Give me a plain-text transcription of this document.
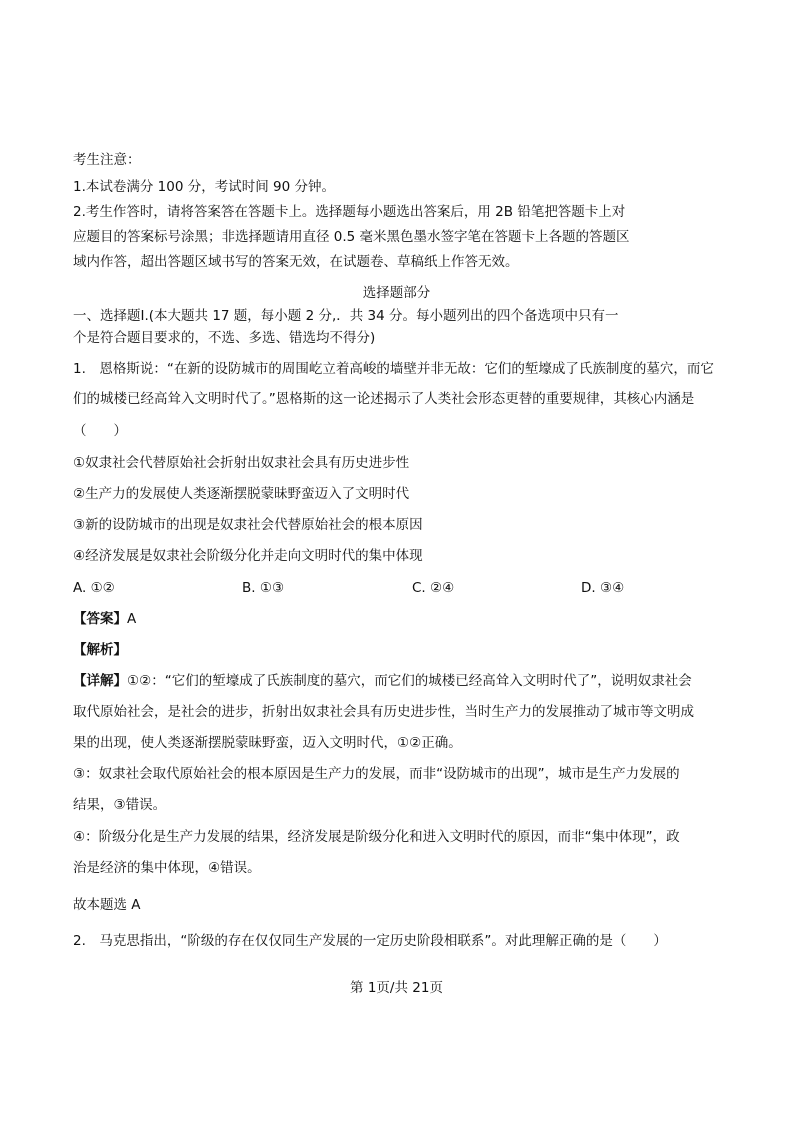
考生注意：
1.本试卷满分 100 分，考试时间 90 分钟。
2.考生作答时，请将答案答在答题卡上。选择题每小题选出答案后，用 2B 铅笔把答题卡上对
应题目的答案标号涂黑；非选择题请用直径 0.5 毫米黑色墨水签字笔在答题卡上各题的答题区
域内作答，超出答题区域书写的答案无效，在试题卷、草稿纸上作答无效。
选择题部分
一、选择题Ⅰ.(本大题共 17 题，每小题 2 分,．共 34 分。每小题列出的四个备选项中只有一
个是符合题目要求的，不选、多选、错选均不得分)
1.　恩格斯说：“在新的设防城市的周围屹立着高峻的墙壁并非无故：它们的堑壕成了氏族制度的墓穴，而它
们的城楼已经高耸入文明时代了。”恩格斯的这一论述揭示了人类社会形态更替的重要规律，其核心内涵是
（　　）
①奴隶社会代替原始社会折射出奴隶社会具有历史进步性
②生产力的发展使人类逐渐摆脱蒙昧野蛮迈入了文明时代
③新的设防城市的出现是奴隶社会代替原始社会的根本原因
④经济发展是奴隶社会阶级分化并走向文明时代的集中体现
A. ①②	B. ①③	C. ②④	D. ③④
【答案】A
【解析】
【详解】①②：“它们的堑壕成了氏族制度的墓穴，而它们的城楼已经高耸入文明时代了”，说明奴隶社会
取代原始社会，是社会的进步，折射出奴隶社会具有历史进步性，当时生产力的发展推动了城市等文明成
果的出现，使人类逐渐摆脱蒙昧野蛮，迈入文明时代，①②正确。
③：奴隶社会取代原始社会的根本原因是生产力的发展，而非“设防城市的出现”，城市是生产力发展的
结果，③错误。
④：阶级分化是生产力发展的结果，经济发展是阶级分化和进入文明时代的原因，而非“集中体现”，政
治是经济的集中体现，④错误。
故本题选 A
2.　马克思指出，“阶级的存在仅仅同生产发展的一定历史阶段相联系”。对此理解正确的是（　　）
第 1页/共 21页
